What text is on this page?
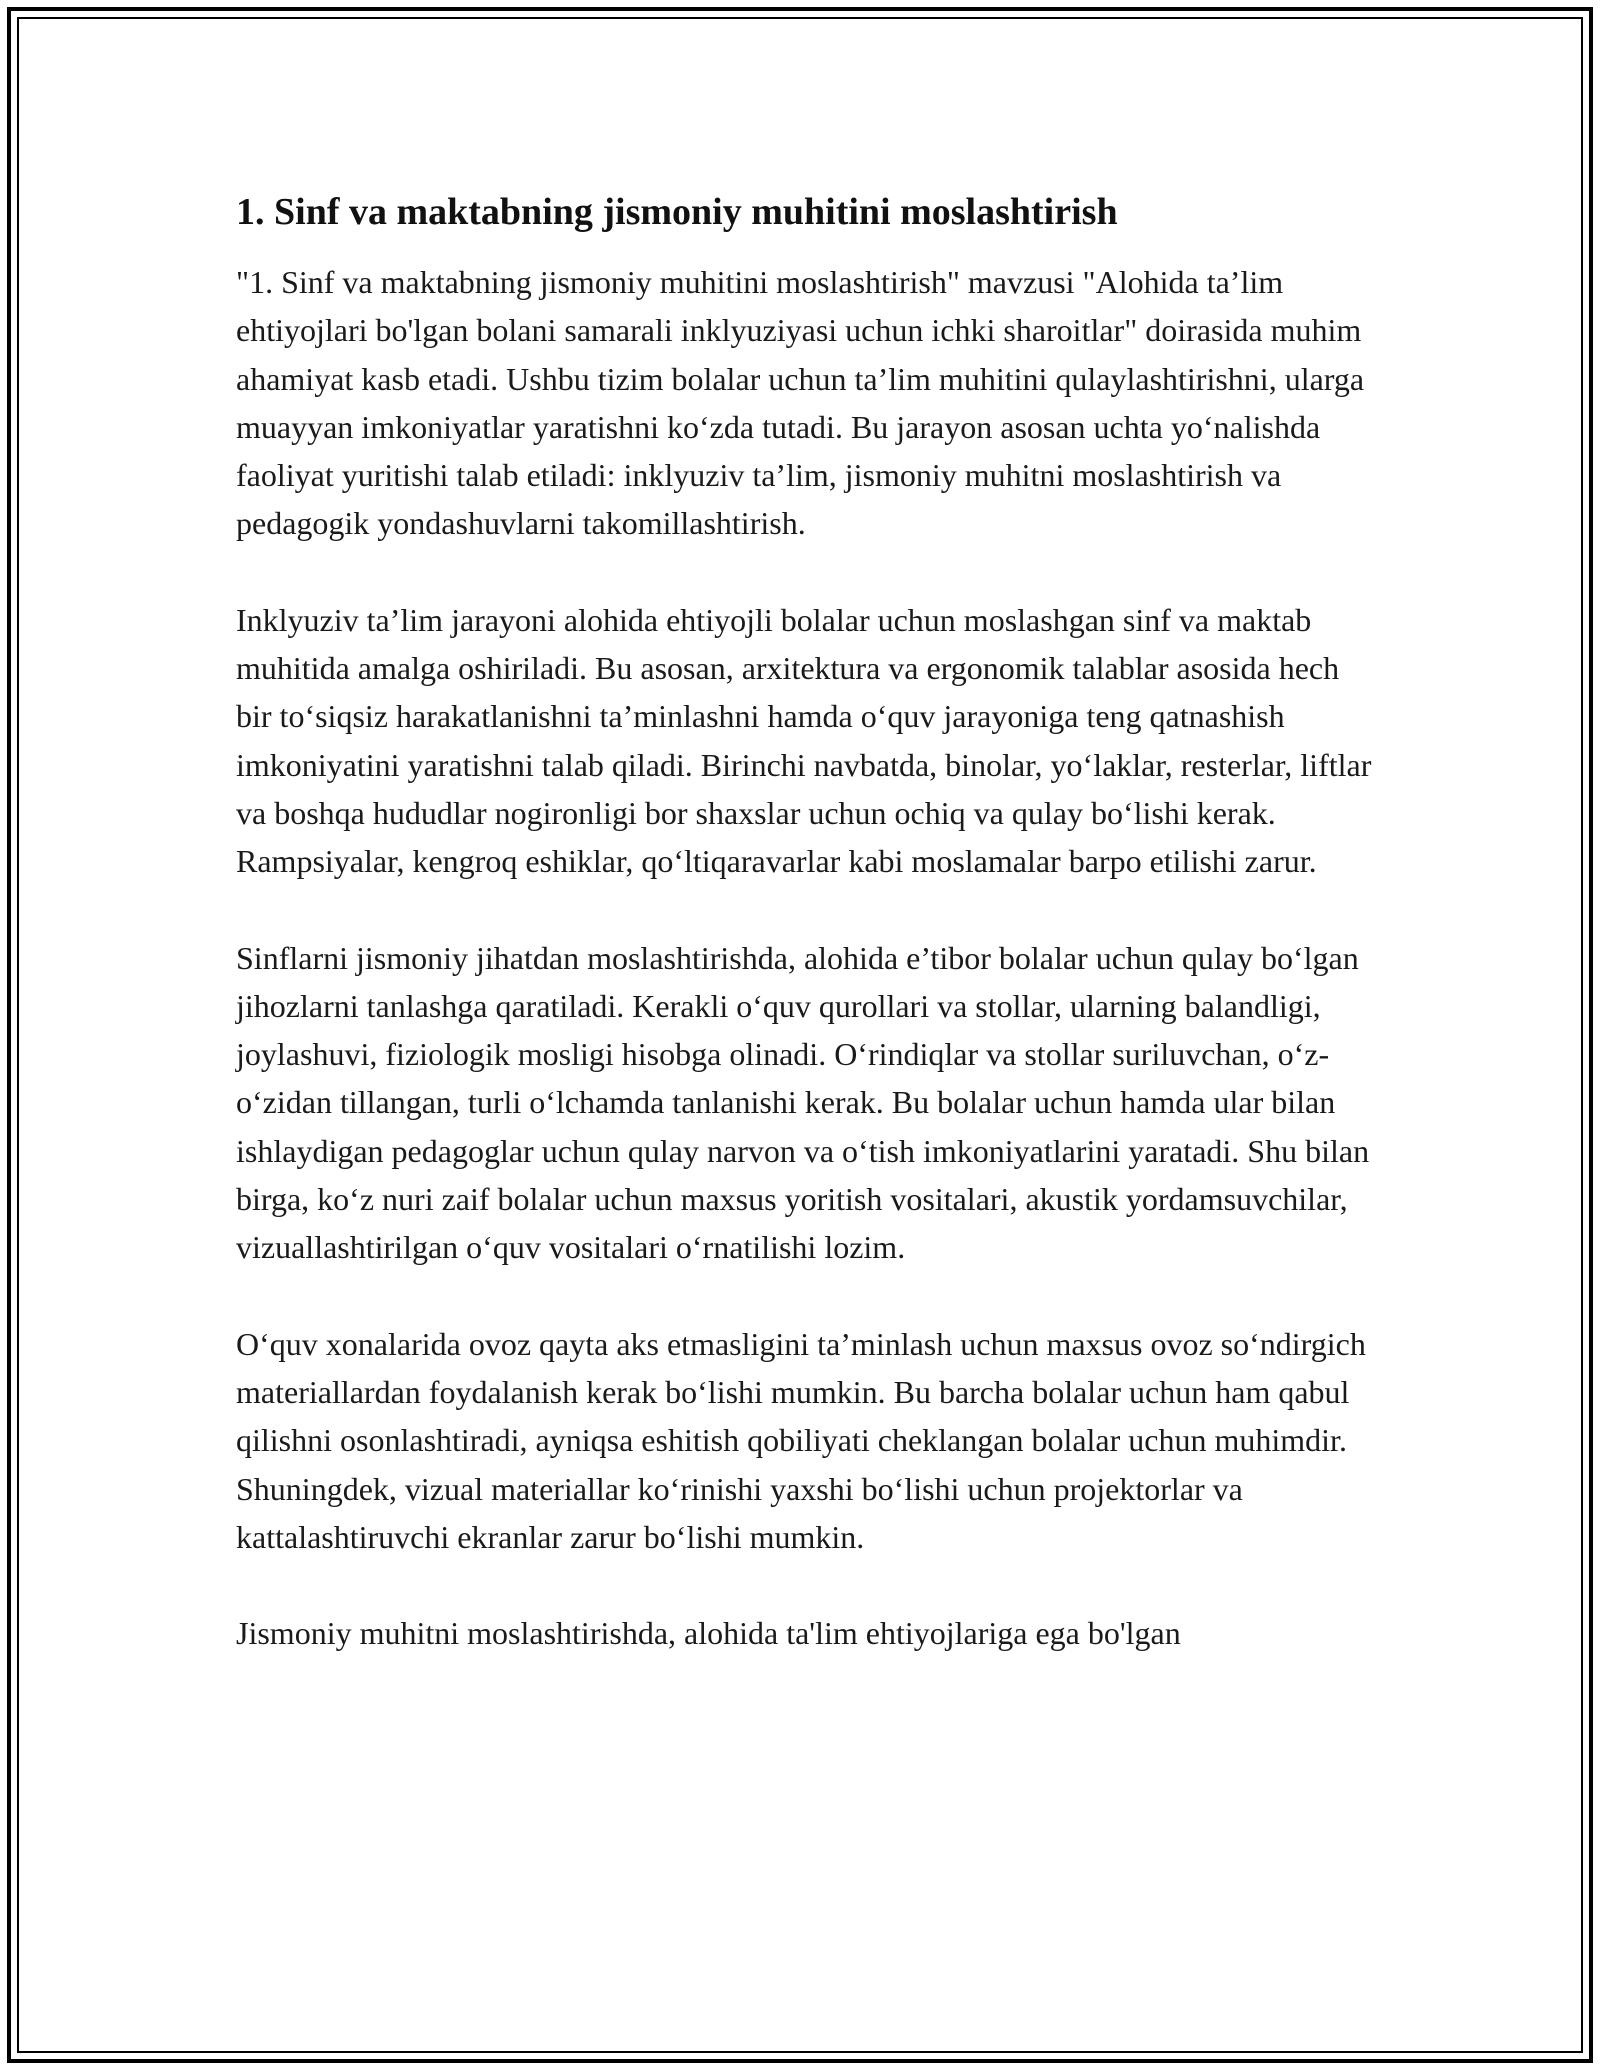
1. Sinf va maktabning jismoniy muhitini moslashtirish

"1. Sinf va maktabning jismoniy muhitini moslashtirish" mavzusi "Alohida ta’lim ehtiyojlari bo'lgan bolani samarali inklyuziyasi uchun ichki sharoitlar" doirasida muhim ahamiyat kasb etadi. Ushbu tizim bolalar uchun ta’lim muhitini qulaylashtirishni, ularga muayyan imkoniyatlar yaratishni ko‘zda tutadi. Bu jarayon asosan uchta yo‘nalishda faoliyat yuritishi talab etiladi: inklyuziv ta’lim, jismoniy muhitni moslashtirish va pedagogik yondashuvlarni takomillashtirish.

Inklyuziv ta’lim jarayoni alohida ehtiyojli bolalar uchun moslashgan sinf va maktab muhitida amalga oshiriladi. Bu asosan, arxitektura va ergonomik talablar asosida hech bir to‘siqsiz harakatlanishni ta’minlashni hamda o‘quv jarayoniga teng qatnashish imkoniyatini yaratishni talab qiladi. Birinchi navbatda, binolar, yo‘laklar, resterlar, liftlar va boshqa hududlar nogironligi bor shaxslar uchun ochiq va qulay bo‘lishi kerak. Rampsiyalar, kengroq eshiklar, qo‘ltiqaravarlar kabi moslamalar barpo etilishi zarur.

Sinflarni jismoniy jihatdan moslashtirishda, alohida e’tibor bolalar uchun qulay bo‘lgan jihozlarni tanlashga qaratiladi. Kerakli o‘quv qurollari va stollar, ularning balandligi, joylashuvi, fiziologik mosligi hisobga olinadi. O‘rindiqlar va stollar suriluvchan, o‘z-o‘zidan tillangan, turli o‘lchamda tanlanishi kerak. Bu bolalar uchun hamda ular bilan ishlaydigan pedagoglar uchun qulay narvon va o‘tish imkoniyatlarini yaratadi. Shu bilan birga, ko‘z nuri zaif bolalar uchun maxsus yoritish vositalari, akustik yordamsuvchilar, vizuallashtirilgan o‘quv vositalari o‘rnatilishi lozim.

O‘quv xonalarida ovoz qayta aks etmasligini ta’minlash uchun maxsus ovoz so‘ndirgich materiallardan foydalanish kerak bo‘lishi mumkin. Bu barcha bolalar uchun ham qabul qilishni osonlashtiradi, ayniqsa eshitish qobiliyati cheklangan bolalar uchun muhimdir. Shuningdek, vizual materiallar ko‘rinishi yaxshi bo‘lishi uchun projektorlar va kattalashtiruvchi ekranlar zarur bo‘lishi mumkin.

Jismoniy muhitni moslashtirishda, alohida ta'lim ehtiyojlariga ega bo'lgan
